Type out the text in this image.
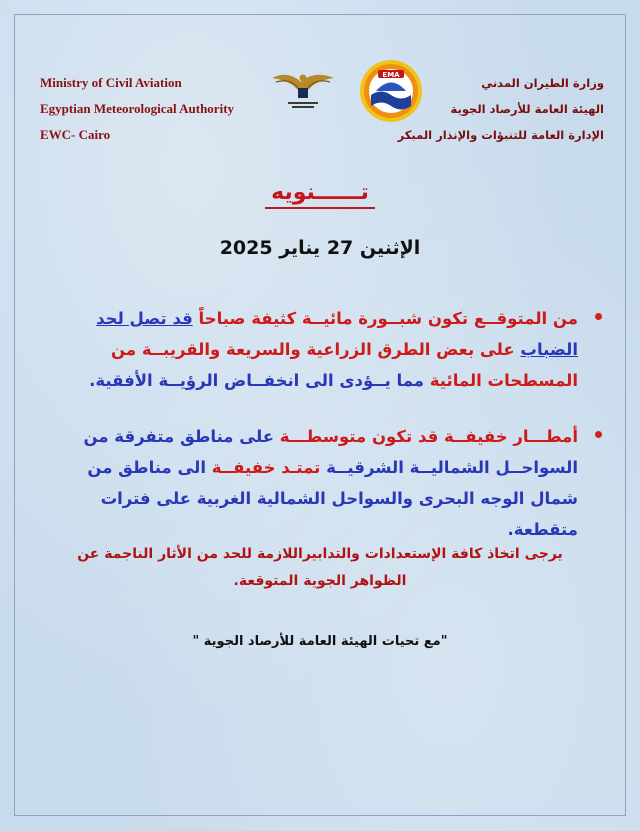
Ministry of Civil Aviation
Egyptian Meteorological Authority
EWC- Cairo
EMA
وزارة الطيران المدني
الهيئة العامة للأرصاد الجوية
الإدارة العامة للتنبؤات والإنذار المبكر
تــــــنويه
الإثنين 27 يناير 2025
من المتوقــع تكون شبــورة مائيــة كثيفة صباحاً قد تصل لحد الضباب على بعض الطرق الزراعية والسريعة والقريبــة من المسطحات المائية مما يــؤدى الى انخفــاض الرؤيــة الأفقية.
أمطـــار خفيفــة قد تكون متوسطـــة على مناطق متفرقة من السواحــل الشماليــة الشرقيــة تمتـد خفيفــة الى مناطق من شمال الوجه البحرى والسواحل الشمالية الغربية على فترات متقطعة.
يرجى اتخاذ كافة الإستعدادات والتدابيراللازمة للحد من الأثار الناجمة عن الظواهر الجوية المتوقعة.
"مع تحيات الهيئة العامة للأرصاد الجوية "
